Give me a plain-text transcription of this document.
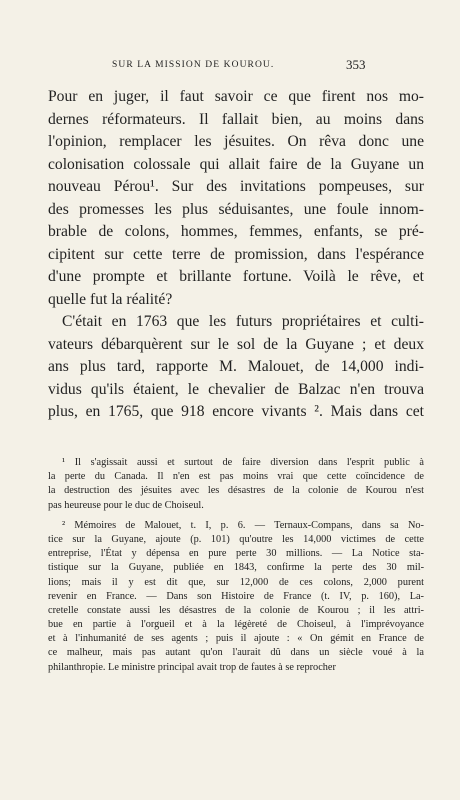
SUR LA MISSION DE KOUROU.	353
Pour en juger, il faut savoir ce que firent nos mo-
dernes réformateurs. Il fallait bien, au moins dans
l'opinion, remplacer les jésuites. On rêva donc une
colonisation colossale qui allait faire de la Guyane un
nouveau Pérou¹. Sur des invitations pompeuses, sur
des promesses les plus séduisantes, une foule innom-
brable de colons, hommes, femmes, enfants, se pré-
cipitent sur cette terre de promission, dans l'espérance
d'une prompte et brillante fortune. Voilà le rêve, et
quelle fut la réalité?
C'était en 1763 que les futurs propriétaires et culti-
vateurs débarquèrent sur le sol de la Guyane ; et deux
ans plus tard, rapporte M. Malouet, de 14,000 indi-
vidus qu'ils étaient, le chevalier de Balzac n'en trouva
plus, en 1765, que 918 encore vivants ². Mais dans cet
¹ Il s'agissait aussi et surtout de faire diversion dans l'esprit public à
la perte du Canada. Il n'en est pas moins vrai que cette coïncidence de
la destruction des jésuites avec les désastres de la colonie de Kourou n'est
pas heureuse pour le duc de Choiseul.
² Mémoires de Malouet, t. I, p. 6. — Ternaux-Compans, dans sa No-
tice sur la Guyane, ajoute (p. 101) qu'outre les 14,000 victimes de cette
entreprise, l'État y dépensa en pure perte 30 millions. — La Notice sta-
tistique sur la Guyane, publiée en 1843, confirme la perte des 30 mil-
lions; mais il y est dit que, sur 12,000 de ces colons, 2,000 purent
revenir en France. — Dans son Histoire de France (t. IV, p. 160), La-
cretelle constate aussi les désastres de la colonie de Kourou ; il les attri-
bue en partie à l'orgueil et à la légèreté de Choiseul, à l'imprévoyance
et à l'inhumanité de ses agents ; puis il ajoute : « On gémit en France de
ce malheur, mais pas autant qu'on l'aurait dû dans un siècle voué à la
philanthropie. Le ministre principal avait trop de fautes à se reprocher
